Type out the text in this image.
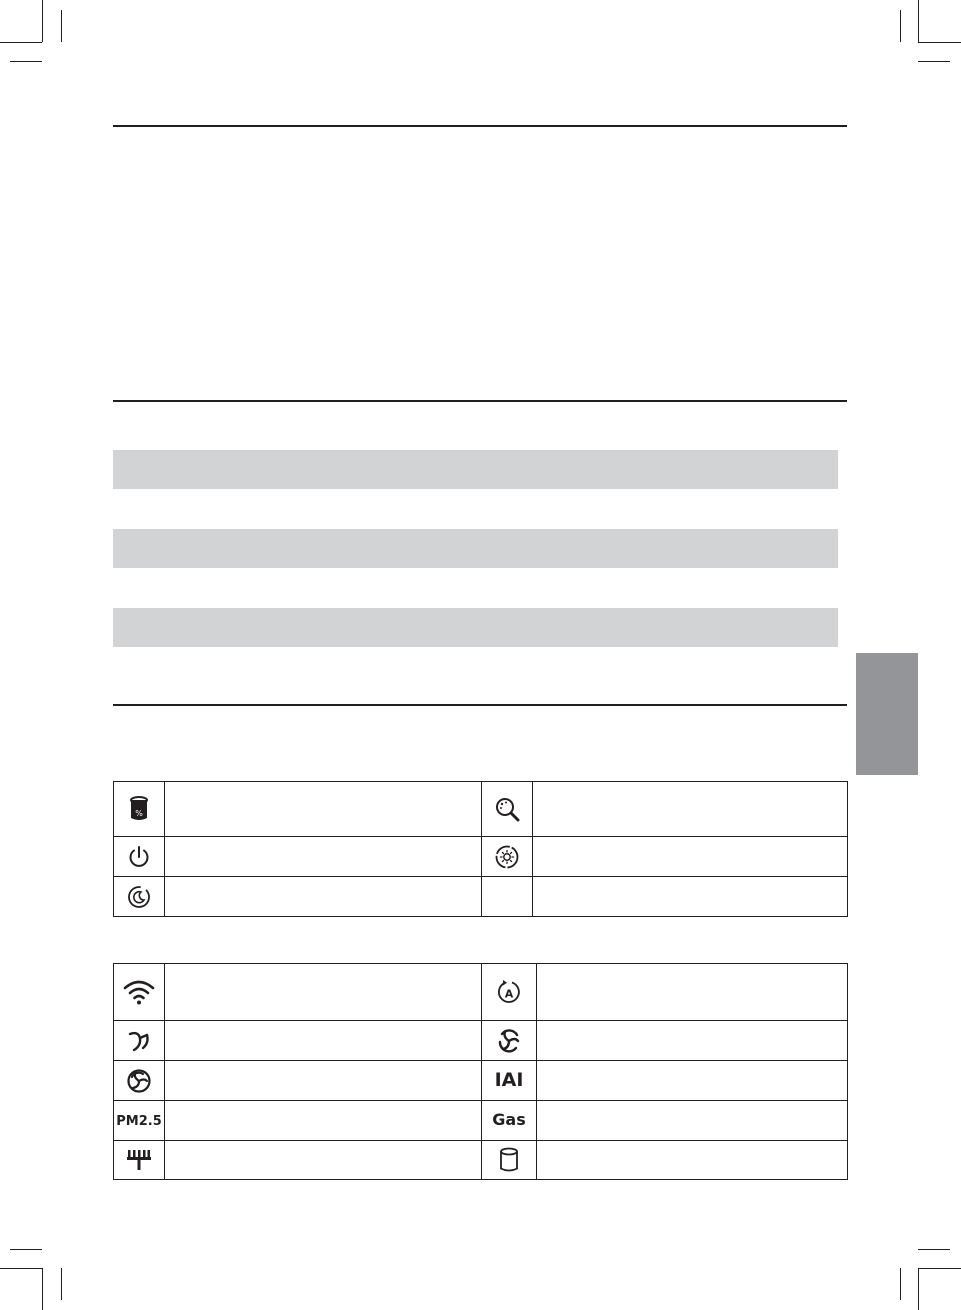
%

A	

		IAI	
PM2.5		Gas	
